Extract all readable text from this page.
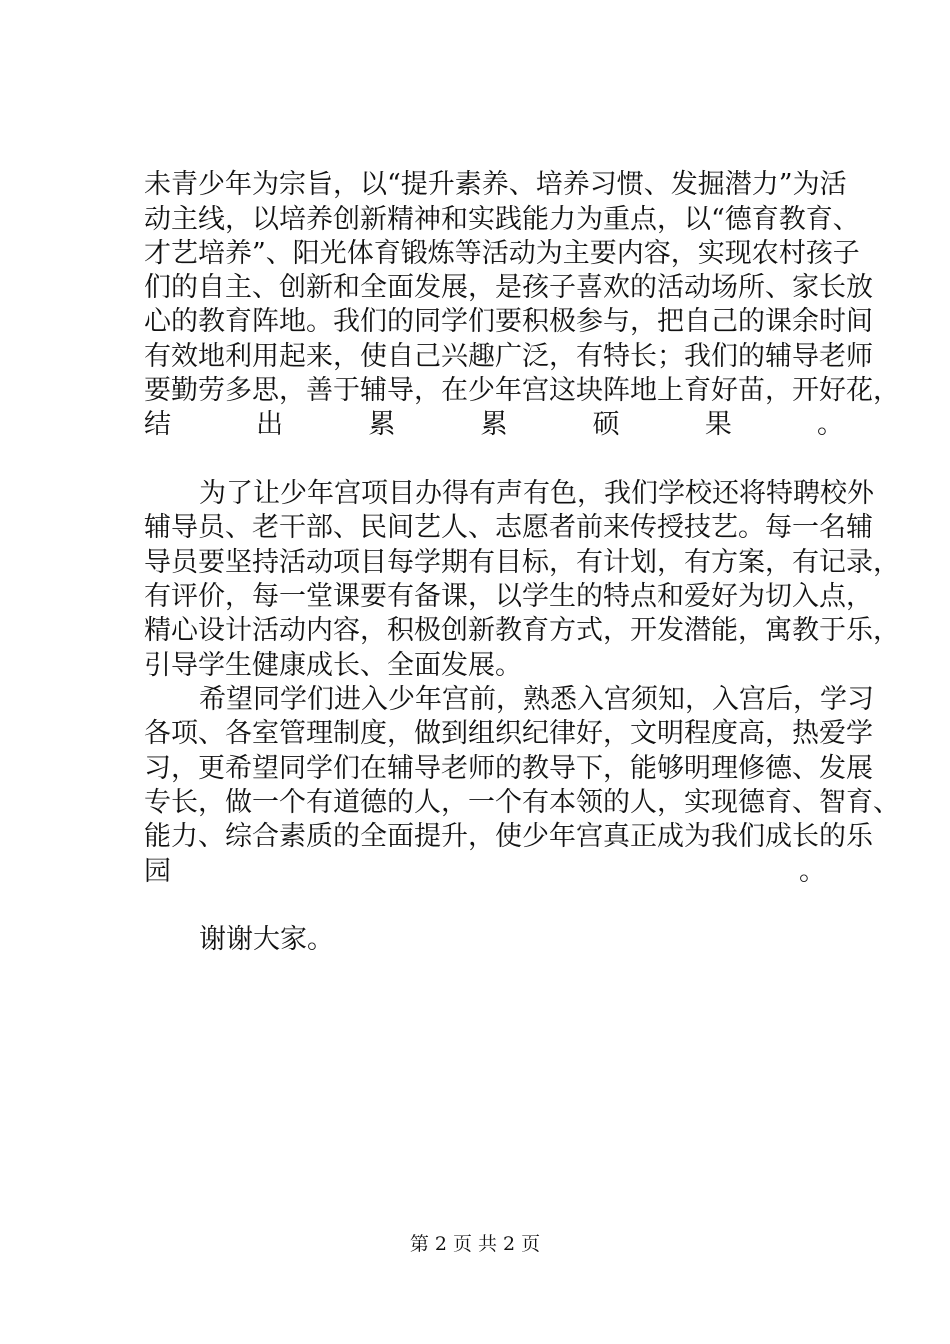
未青少年为宗旨，以“提升素养、培养习惯、发掘潜力”为活

动主线，以培养创新精神和实践能力为重点，以“德育教育、

才艺培养”、阳光体育锻炼等活动为主要内容，实现农村孩子

们的自主、创新和全面发展，是孩子喜欢的活动场所、家长放

心的教育阵地。我们的同学们要积极参与，把自己的课余时间

有效地利用起来，使自己兴趣广泛，有特长；我们的辅导老师

要勤劳多思，善于辅导，在少年宫这块阵地上育好苗，开好花，

结出累累硕果。

为了让少年宫项目办得有声有色，我们学校还将特聘校外

辅导员、老干部、民间艺人、志愿者前来传授技艺。每一名辅

导员要坚持活动项目每学期有目标，有计划，有方案，有记录，

有评价，每一堂课要有备课，以学生的特点和爱好为切入点，

精心设计活动内容，积极创新教育方式，开发潜能，寓教于乐，

引导学生健康成长、全面发展。

希望同学们进入少年宫前，熟悉入宫须知，入宫后，学习

各项、各室管理制度，做到组织纪律好，文明程度高，热爱学

习，更希望同学们在辅导老师的教导下，能够明理修德、发展

专长，做一个有道德的人，一个有本领的人，实现德育、智育、

能力、综合素质的全面提升，使少年宫真正成为我们成长的乐

园。

谢谢大家。

第 2 页 共 2 页
